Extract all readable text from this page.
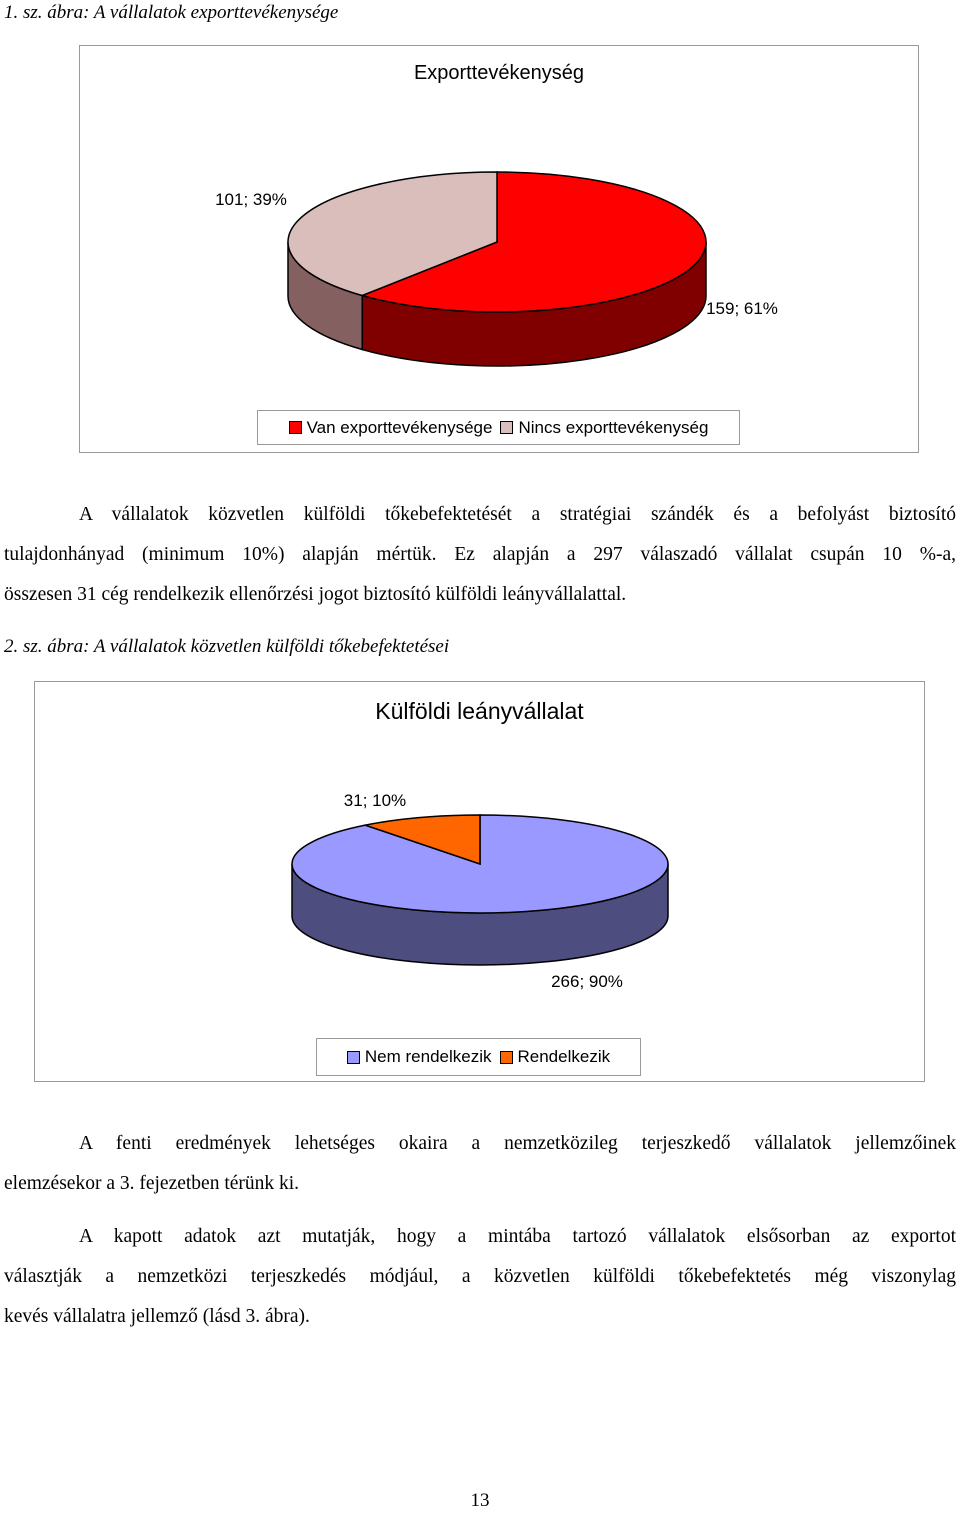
1. sz. ábra: A vállalatok exporttevékenysége
Exporttevékenység
101; 39%
159; 61%
Van exporttevékenysége Nincs exporttevékenység
A vállalatok közvetlen külföldi tőkebefektetését a stratégiai szándék és a befolyást biztosító
tulajdonhányad (minimum 10%) alapján mértük. Ez alapján a 297 válaszadó vállalat csupán 10 %-a,
összesen 31 cég rendelkezik ellenőrzési jogot biztosító külföldi leányvállalattal.
2. sz. ábra: A vállalatok közvetlen külföldi tőkebefektetései
Külföldi leányvállalat
31; 10%
266; 90%
Nem rendelkezik Rendelkezik
A fenti eredmények lehetséges okaira a nemzetközileg terjeszkedő vállalatok jellemzőinek
elemzésekor a 3. fejezetben térünk ki.
A kapott adatok azt mutatják, hogy a mintába tartozó vállalatok elsősorban az exportot
választják a nemzetközi terjeszkedés módjául, a közvetlen külföldi tőkebefektetés még viszonylag
kevés vállalatra jellemző (lásd 3. ábra).
13
